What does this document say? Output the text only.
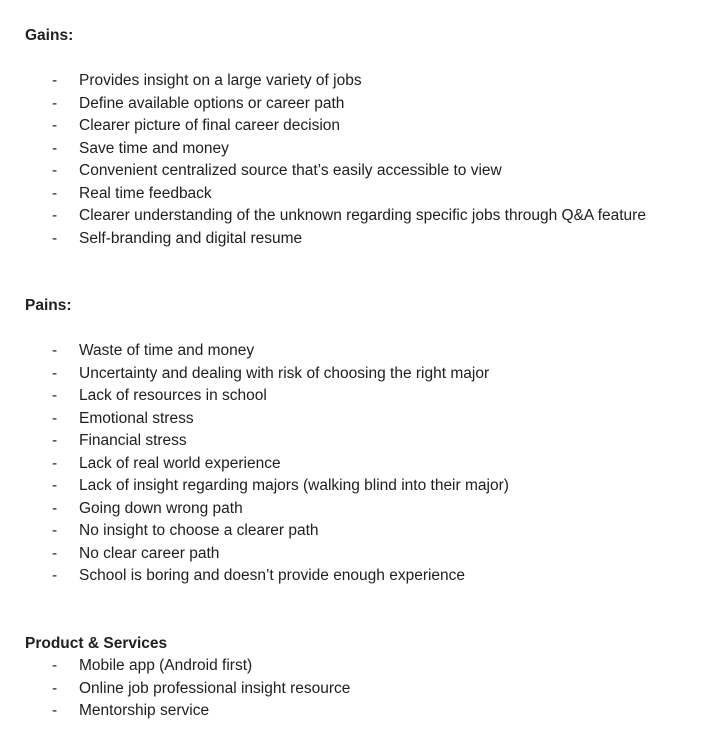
Gains:
- Provides insight on a large variety of jobs
- Define available options or career path
- Clearer picture of final career decision
- Save time and money
- Convenient centralized source that’s easily accessible to view
- Real time feedback
- Clearer understanding of the unknown regarding specific jobs through Q&A feature
- Self-branding and digital resume
Pains:
- Waste of time and money
- Uncertainty and dealing with risk of choosing the right major
- Lack of resources in school
- Emotional stress
- Financial stress
- Lack of real world experience
- Lack of insight regarding majors (walking blind into their major)
- Going down wrong path
- No insight to choose a clearer path
- No clear career path
- School is boring and doesn’t provide enough experience
Product & Services
- Mobile app (Android first)
- Online job professional insight resource
- Mentorship service
